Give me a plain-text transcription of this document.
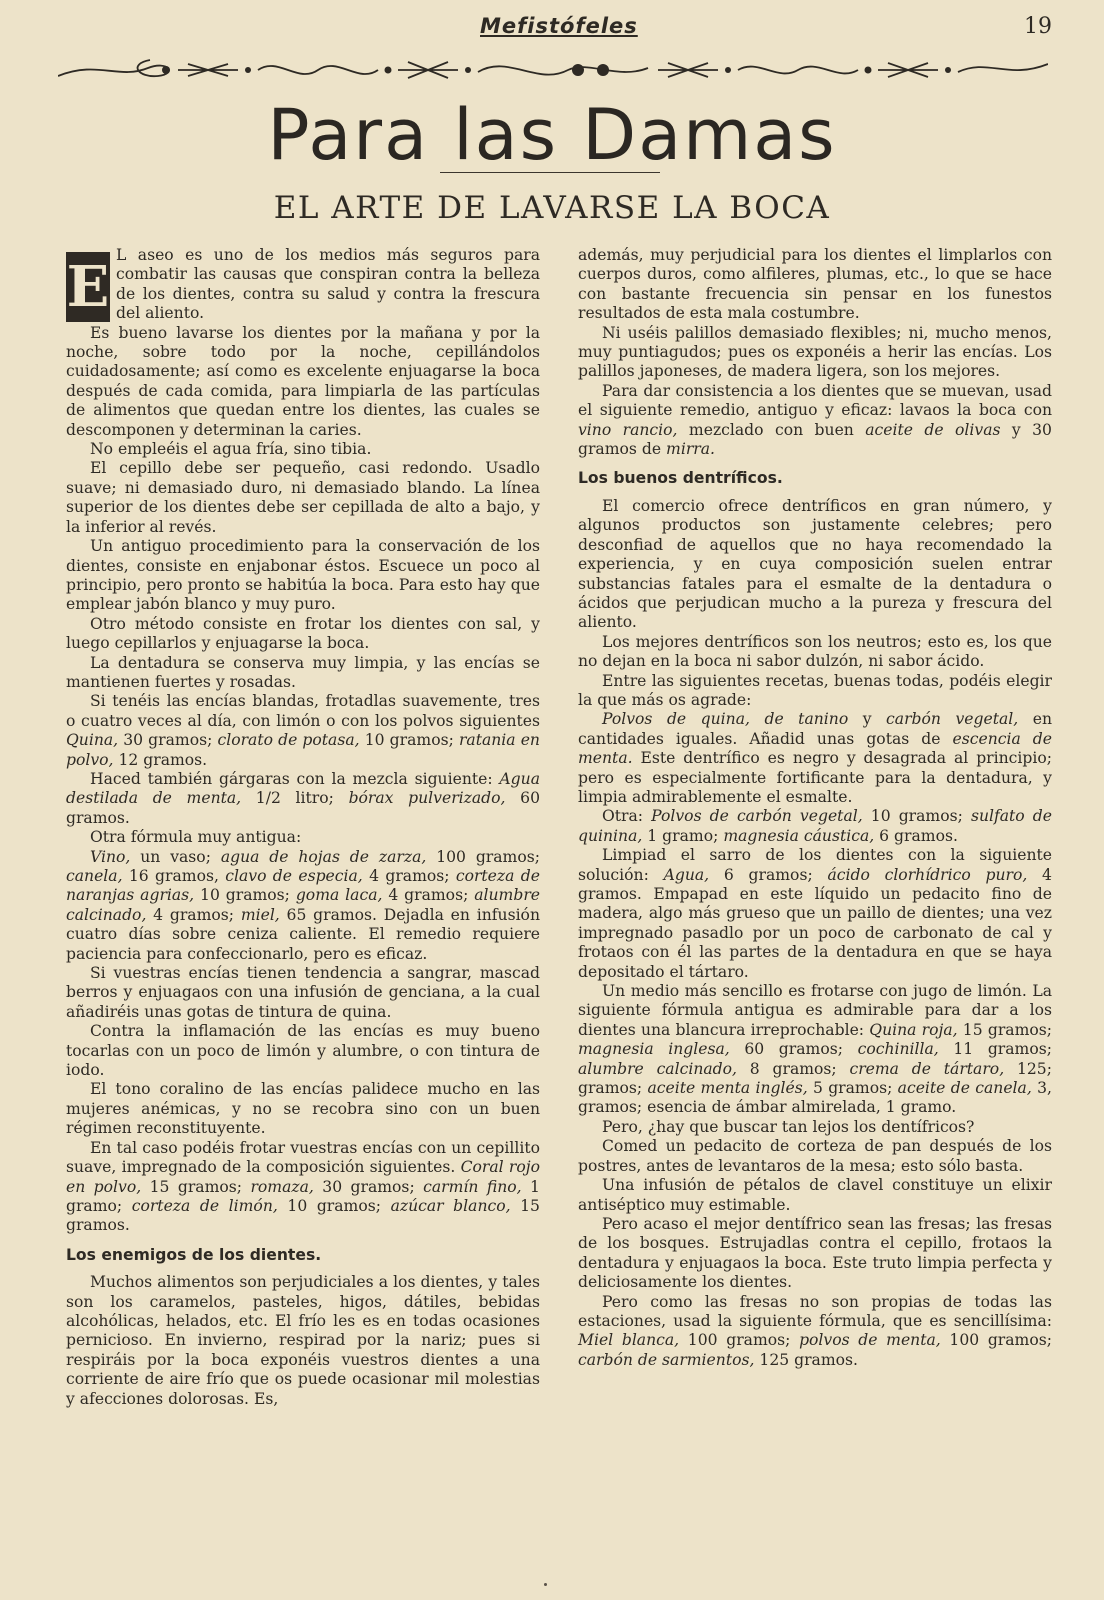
Mefistófeles	19
Para las Damas
EL ARTE DE LAVARSE LA BOCA
E L aseo es uno de los medios más seguros para combatir las causas que conspiran contra la belleza de los dientes, contra su salud y contra la frescura del aliento.

Es bueno lavarse los dientes por la mañana y por la noche, sobre todo por la noche, cepillándolos cuidadosamente; así como es excelente enjuagarse la boca después de cada comida, para limpiarla de las partículas de alimentos que quedan entre los dientes, las cuales se descomponen y determinan la caries.

No empleéis el agua fría, sino tibia.

El cepillo debe ser pequeño, casi redondo. Usadlo suave; ni demasiado duro, ni demasiado blando. La línea superior de los dientes debe ser cepillada de alto a bajo, y la inferior al revés.

Un antiguo procedimiento para la conservación de los dientes, consiste en enjabonar éstos. Escuece un poco al principio, pero pronto se habitúa la boca. Para esto hay que emplear jabón blanco y muy puro.

Otro método consiste en frotar los dientes con sal, y luego cepillarlos y enjuagarse la boca.

La dentadura se conserva muy limpia, y las encías se mantienen fuertes y rosadas.

Si tenéis las encías blandas, frotadlas suavemente, tres o cuatro veces al día, con limón o con los polvos siguientes Quina, 30 gramos; clorato de potasa, 10 gramos; ratania en polvo, 12 gramos.

Haced también gárgaras con la mezcla siguiente: Agua destilada de menta, 1/2 litro; bórax pulverizado, 60 gramos.

Otra fórmula muy antigua:

Vino, un vaso; agua de hojas de zarza, 100 gramos; canela, 16 gramos, clavo de especia, 4 gramos; corteza de naranjas agrias, 10 gramos; goma laca, 4 gramos; alumbre calcinado, 4 gramos; miel, 65 gramos. Dejadla en infusión cuatro días sobre ceniza caliente. El remedio requiere paciencia para confeccionarlo, pero es eficaz.

Si vuestras encías tienen tendencia a sangrar, mascad berros y enjuagaos con una infusión de genciana, a la cual añadiréis unas gotas de tintura de quina.

Contra la inflamación de las encías es muy bueno tocarlas con un poco de limón y alumbre, o con tintura de iodo.

El tono coralino de las encías palidece mucho en las mujeres anémicas, y no se recobra sino con un buen régimen reconstituyente.

En tal caso podéis frotar vuestras encías con un cepillito suave, impregnado de la composición siguientes. Coral rojo en polvo, 15 gramos; romaza, 30 gramos; carmín fino, 1 gramo; corteza de limón, 10 gramos; azúcar blanco, 15 gramos.

Los enemigos de los dientes.

Muchos alimentos son perjudiciales a los dientes, y tales son los caramelos, pasteles, higos, dátiles, bebidas alcohólicas, helados, etc. El frío les es en todas ocasiones pernicioso. En invierno, respirad por la nariz; pues si respiráis por la boca exponéis vuestros dientes a una corriente de aire frío que os puede ocasionar mil molestias y afecciones dolorosas. Es,

además, muy perjudicial para los dientes el limplarlos con cuerpos duros, como alfileres, plumas, etc., lo que se hace con bastante frecuencia sin pensar en los funestos resultados de esta mala costumbre.

Ni uséis palillos demasiado flexibles; ni, mucho menos, muy puntiagudos; pues os exponéis a herir las encías. Los palillos japoneses, de madera ligera, son los mejores.

Para dar consistencia a los dientes que se muevan, usad el siguiente remedio, antiguo y eficaz: lavaos la boca con vino rancio, mezclado con buen aceite de olivas y 30 gramos de mirra.

Los buenos dentríficos.

El comercio ofrece dentríficos en gran número, y algunos productos son justamente celebres; pero desconfiad de aquellos que no haya recomendado la experiencia, y en cuya composición suelen entrar substancias fatales para el esmalte de la dentadura o ácidos que perjudican mucho a la pureza y frescura del aliento.

Los mejores dentríficos son los neutros; esto es, los que no dejan en la boca ni sabor dulzón, ni sabor ácido.

Entre las siguientes recetas, buenas todas, podéis elegir la que más os agrade:

Polvos de quina, de tanino y carbón vegetal, en cantidades iguales. Añadid unas gotas de escencia de menta. Este dentrífico es negro y desagrada al principio; pero es especialmente fortificante para la dentadura, y limpia admirablemente el esmalte.

Otra: Polvos de carbón vegetal, 10 gramos; sulfato de quinina, 1 gramo; magnesia cáustica, 6 gramos.

Limpiad el sarro de los dientes con la siguiente solución: Agua, 6 gramos; ácido clorhídrico puro, 4 gramos. Empapad en este líquido un pedacito fino de madera, algo más grueso que un paillo de dientes; una vez impregnado pasadlo por un poco de carbonato de cal y frotaos con él las partes de la dentadura en que se haya depositado el tártaro.

Un medio más sencillo es frotarse con jugo de limón. La siguiente fórmula antigua es admirable para dar a los dientes una blancura irreprochable: Quina roja, 15 gramos; magnesia inglesa, 60 gramos; cochinilla, 11 gramos; alumbre calcinado, 8 gramos; crema de tártaro, 125; gramos; aceite menta inglés, 5 gramos; aceite de canela, 3, gramos; esencia de ámbar almirelada, 1 gramo.

Pero, ¿hay que buscar tan lejos los dentífricos?

Comed un pedacito de corteza de pan después de los postres, antes de levantaros de la mesa; esto sólo basta.

Una infusión de pétalos de clavel constituye un elixir antiséptico muy estimable.

Pero acaso el mejor dentífrico sean las fresas; las fresas de los bosques. Estrujadlas contra el cepillo, frotaos la dentadura y enjuagaos la boca. Este truto limpia perfecta y deliciosamente los dientes.

Pero como las fresas no son propias de todas las estaciones, usad la siguiente fórmula, que es sencillísima: Miel blanca, 100 gramos; polvos de menta, 100 gramos; carbón de sarmientos, 125 gramos.
